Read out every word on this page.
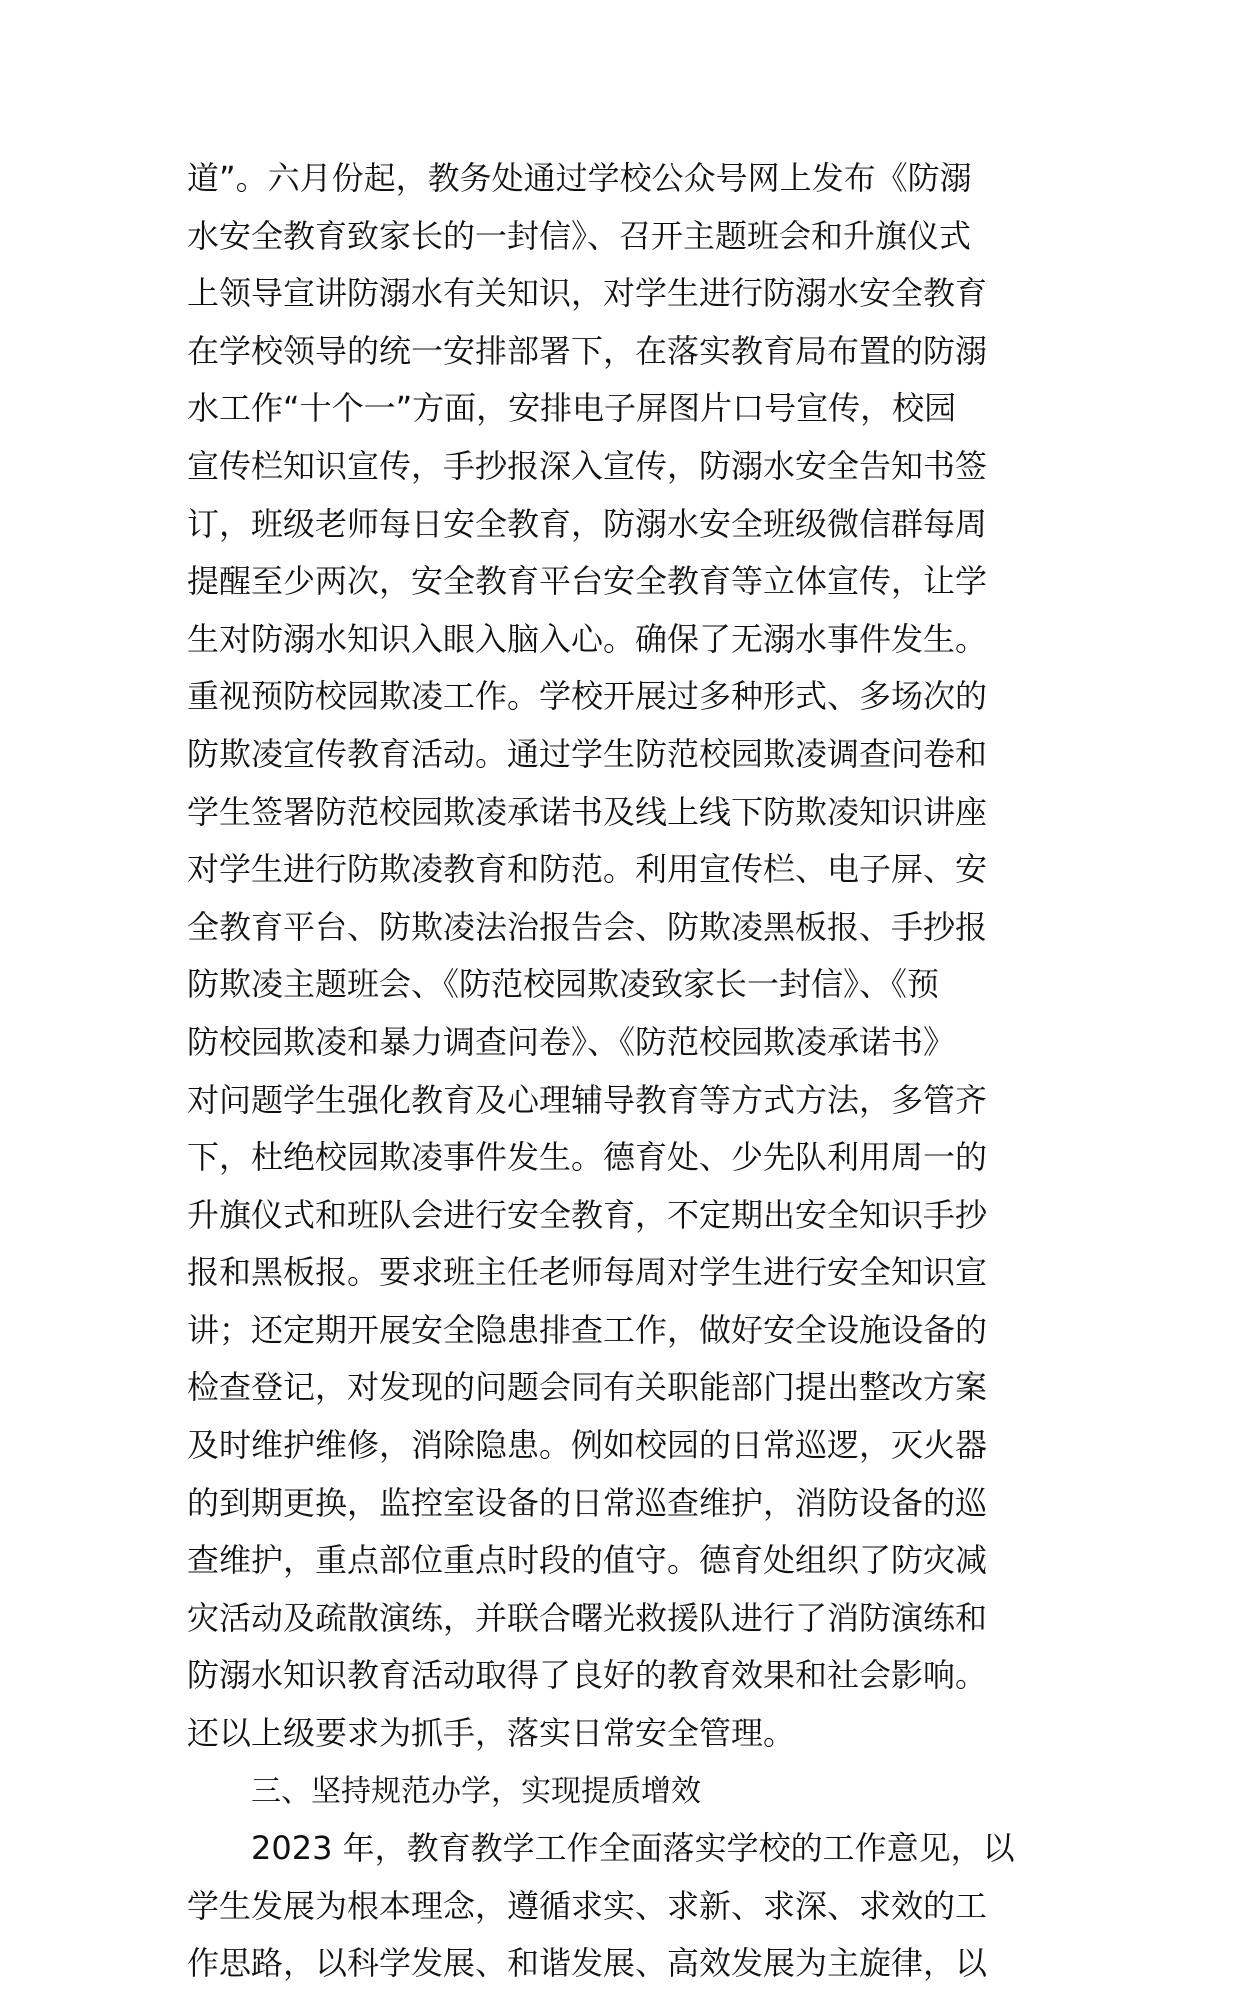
道”。六月份起，教务处通过学校公众号网上发布《防溺
水安全教育致家长的一封信》、召开主题班会和升旗仪式
上领导宣讲防溺水有关知识，对学生进行防溺水安全教育
在学校领导的统一安排部署下，在落实教育局布置的防溺
水工作“十个一”方面，安排电子屏图片口号宣传，校园
宣传栏知识宣传，手抄报深入宣传，防溺水安全告知书签
订，班级老师每日安全教育，防溺水安全班级微信群每周
提醒至少两次，安全教育平台安全教育等立体宣传，让学
生对防溺水知识入眼入脑入心。确保了无溺水事件发生。
重视预防校园欺凌工作。学校开展过多种形式、多场次的
防欺凌宣传教育活动。通过学生防范校园欺凌调查问卷和
学生签署防范校园欺凌承诺书及线上线下防欺凌知识讲座
对学生进行防欺凌教育和防范。利用宣传栏、电子屏、安
全教育平台、防欺凌法治报告会、防欺凌黑板报、手抄报
防欺凌主题班会、《防范校园欺凌致家长一封信》、《预
防校园欺凌和暴力调查问卷》、《防范校园欺凌承诺书》
对问题学生强化教育及心理辅导教育等方式方法，多管齐
下，杜绝校园欺凌事件发生。德育处、少先队利用周一的
升旗仪式和班队会进行安全教育，不定期出安全知识手抄
报和黑板报。要求班主任老师每周对学生进行安全知识宣
讲；还定期开展安全隐患排查工作，做好安全设施设备的
检查登记，对发现的问题会同有关职能部门提出整改方案
及时维护维修，消除隐患。例如校园的日常巡逻，灭火器
的到期更换，监控室设备的日常巡查维护，消防设备的巡
查维护，重点部位重点时段的值守。德育处组织了防灾减
灾活动及疏散演练，并联合曙光救援队进行了消防演练和
防溺水知识教育活动取得了良好的教育效果和社会影响。
还以上级要求为抓手，落实日常安全管理。
三、坚持规范办学，实现提质增效
2023 年，教育教学工作全面落实学校的工作意见，以
学生发展为根本理念，遵循求实、求新、求深、求效的工
作思路，以科学发展、和谐发展、高效发展为主旋律，以
